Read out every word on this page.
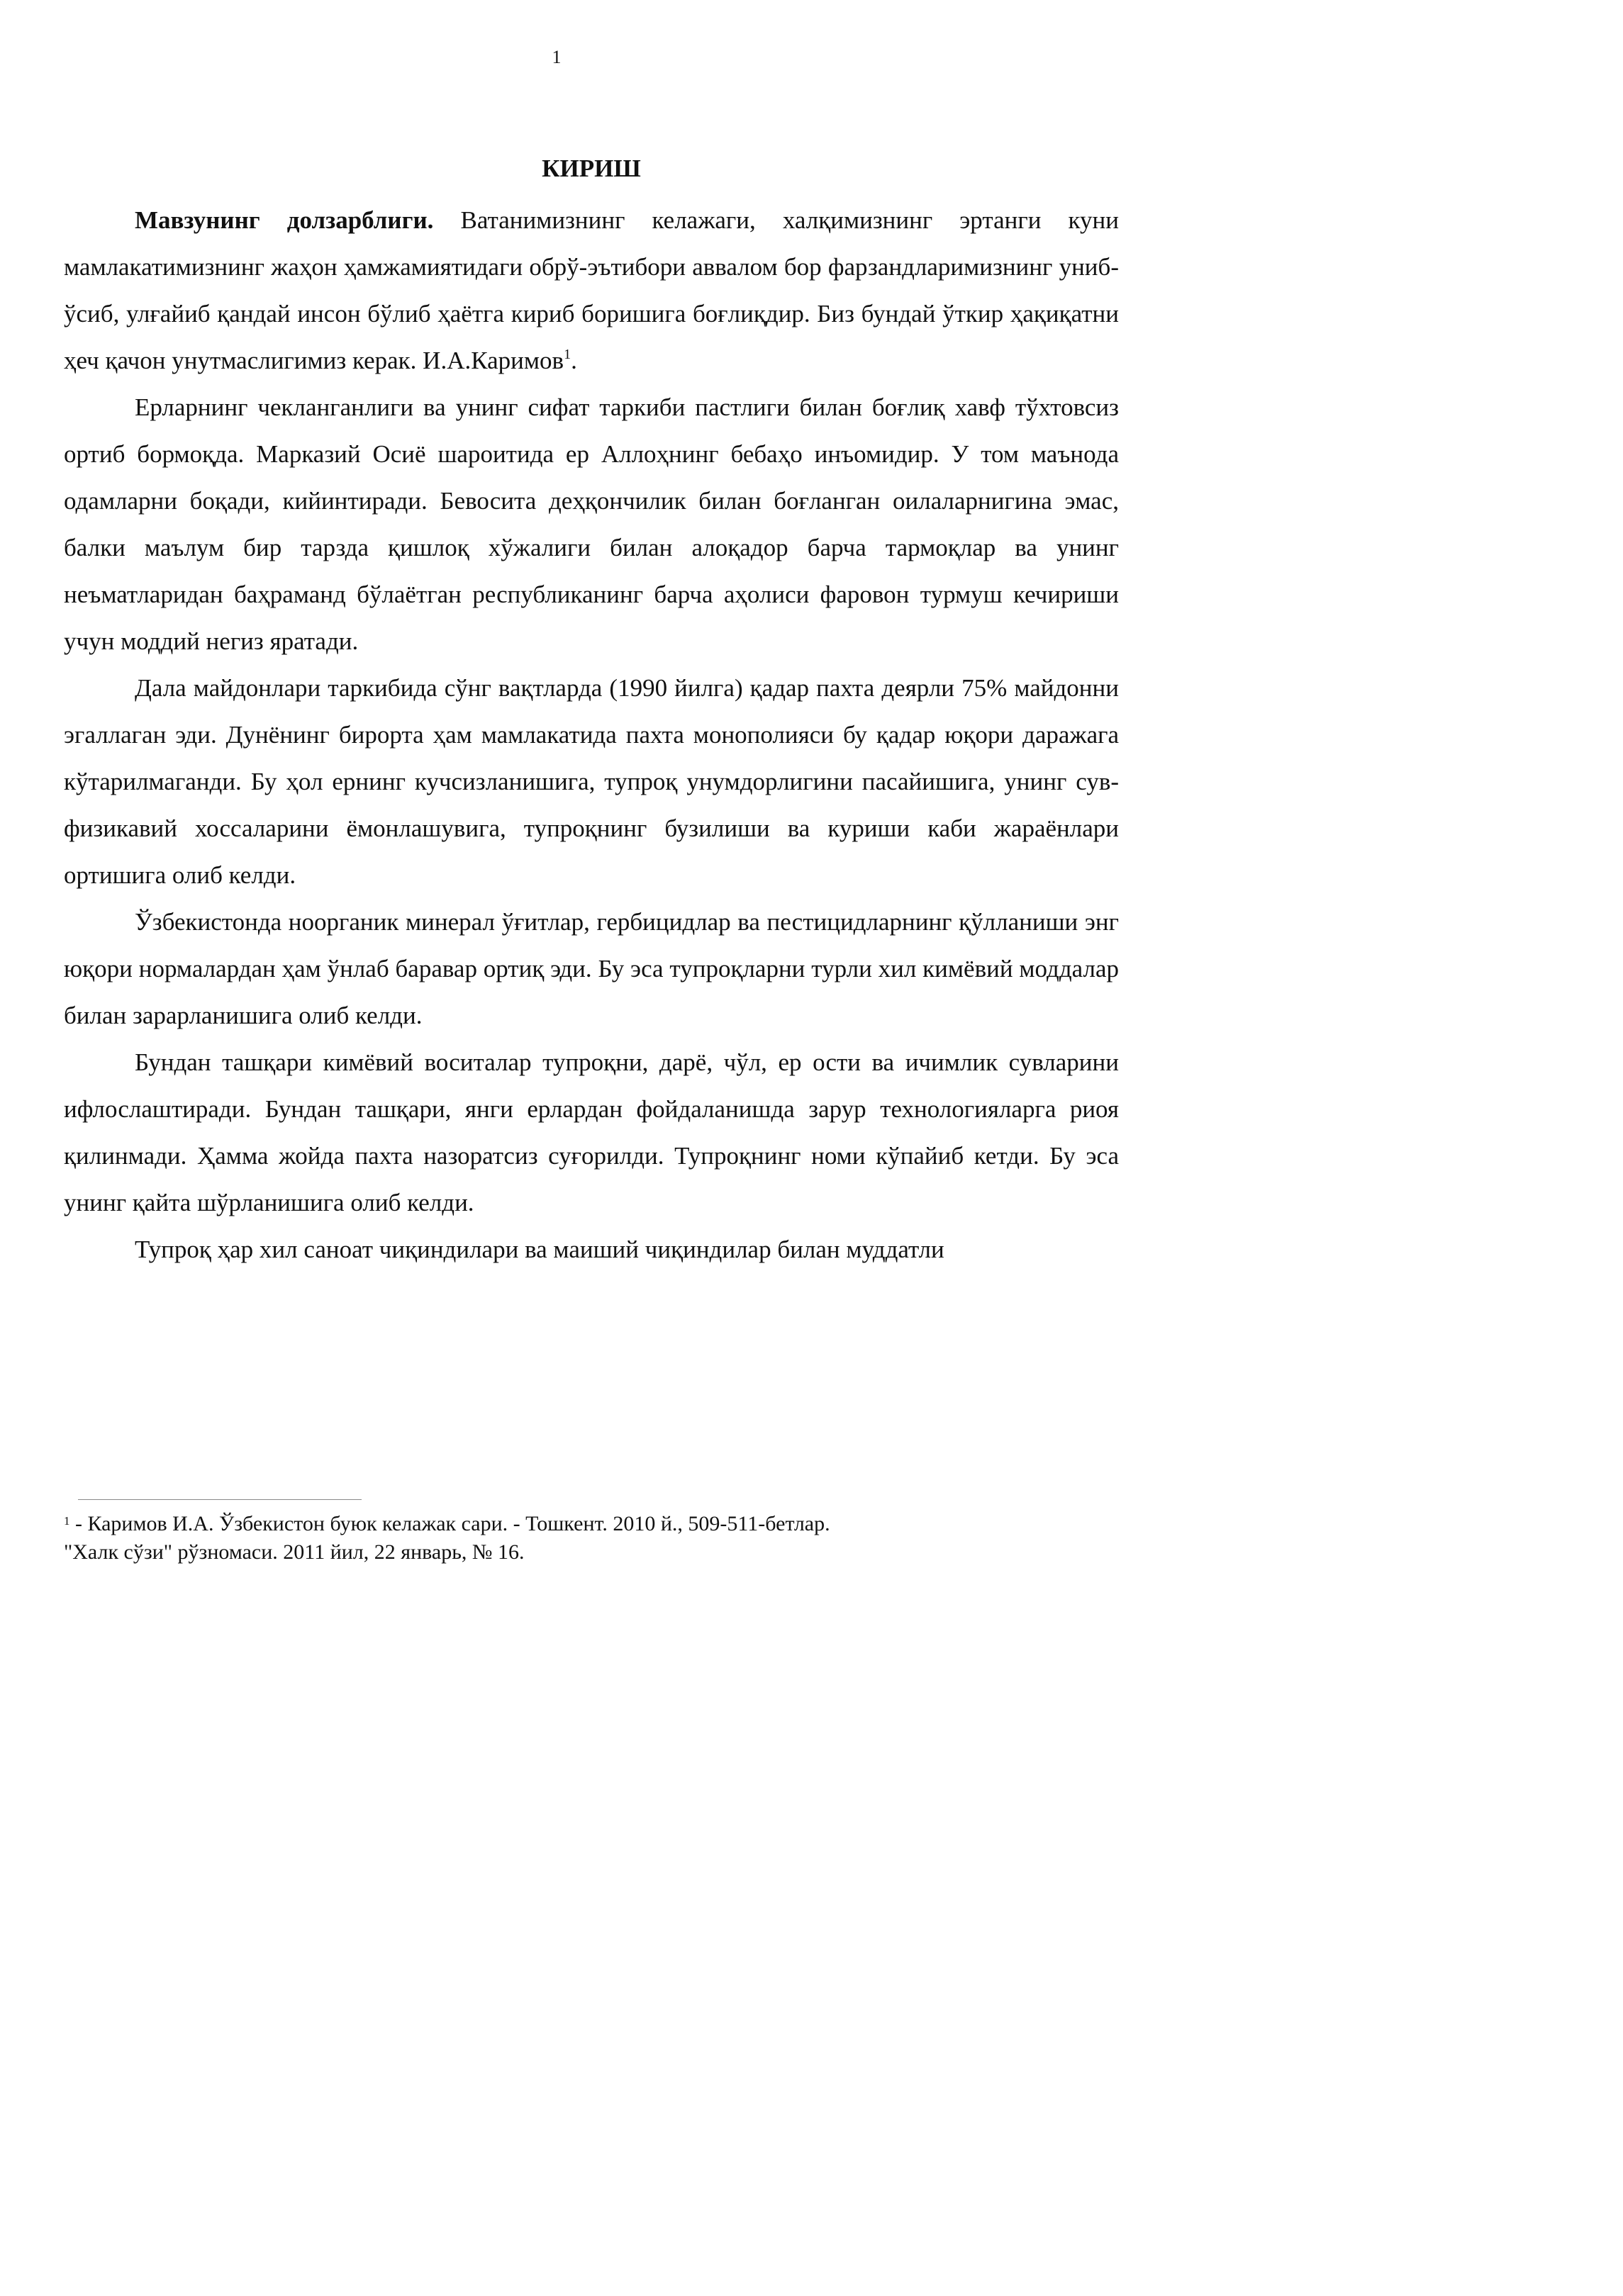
1
КИРИШ

Мавзунинг долзарблиги. Ватанимизнинг келажаги, халқимизнинг эртанги куни мамлакатимизнинг жаҳон ҳамжамиятидаги обрў-эътибори аввалом бор фарзандларимизнинг униб-ўсиб, улғайиб қандай инсон бўлиб ҳаётга кириб боришига боғлиқдир. Биз бундай ўткир ҳақиқатни ҳеч қачон унутмаслигимиз керак. И.А.Каримов$^1$.

Ерларнинг чекланганлиги ва унинг сифат таркиби пастлиги билан боғлиқ хавф тўхтовсиз ортиб бормоқда. Марказий Осиё шароитида ер Аллоҳнинг бебаҳо инъомидир. У том маънода одамларни боқади, кийинтиради. Бевосита деҳқончилик билан боғланган оилаларнигина эмас, балки маълум бир тарзда қишлоқ хўжалиги билан алоқадор барча тармоқлар ва унинг неъматларидан баҳраманд бўлаётган республиканинг барча аҳолиси фаровон турмуш кечириши учун моддий негиз яратади.

Дала майдонлари таркибида сўнг вақтларда (1990 йилга) қадар пахта деярли 75% майдонни эгаллаган эди. Дунёнинг бирорта ҳам мамлакатида пахта монополияси бу қадар юқори даражага кўтарилмаганди. Бу ҳол ернинг кучсизланишига, тупроқ унумдорлигини пасайишига, унинг сув-физикавий хоссаларини ёмонлашувига, тупроқнинг бузилиши ва куриши каби жараёнлари ортишига олиб келди.

Ўзбекистонда ноорганик минерал ўғитлар, гербицидлар ва пестицидларнинг қўлланиши энг юқори нормалардан ҳам ўнлаб баравар ортиқ эди. Бу эса тупроқларни турли хил кимёвий моддалар билан зарарланишига олиб келди.

Бундан ташқари кимёвий воситалар тупроқни, дарё, чўл, ер ости ва ичимлик сувларини ифлослаштиради. Бундан ташқари, янги ерлардан фойдаланишда зарур технологияларга риоя қилинмади. Ҳамма жойда пахта назоратсиз суғорилди. Тупроқнинг номи кўпайиб кетди. Бу эса унинг қайта шўрланишига олиб келди.

Тупроқ ҳар хил саноат чиқиндилари ва маиший чиқиндилар билан муддатли

$^1$ - Каримов И.А. Ўзбекистон буюк келажак сари. - Тошкент. 2010 й., 509-511-бетлар.

"Халк сўзи" рўзномаси. 2011 йил, 22 январь, № 16.
